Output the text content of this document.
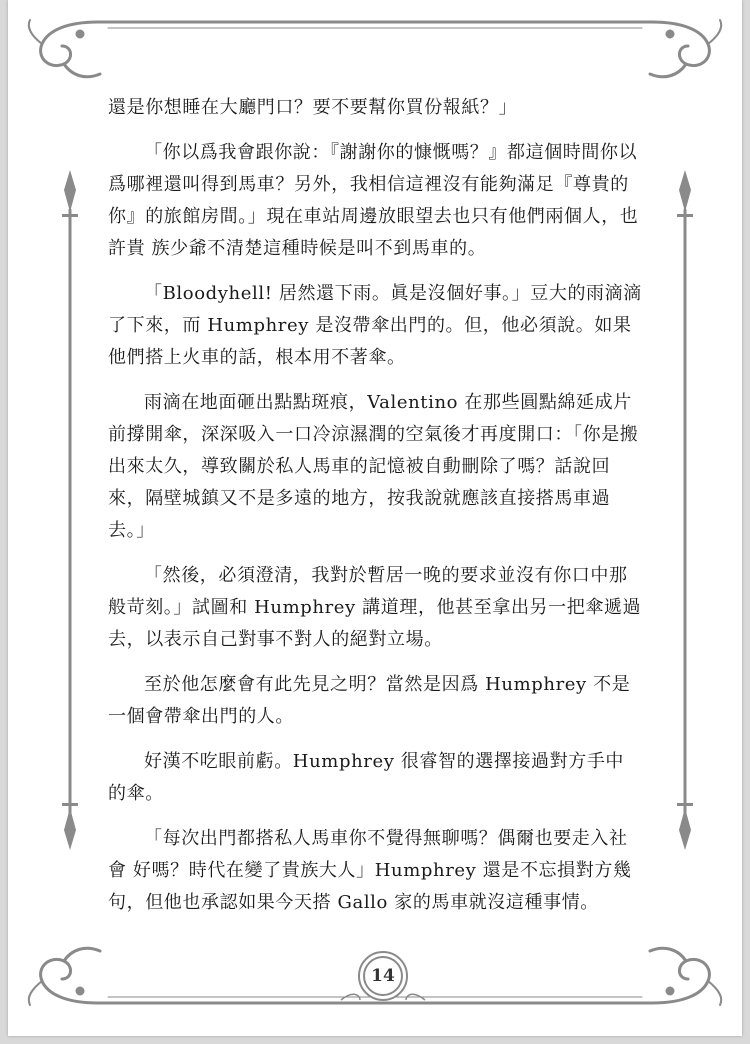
還是你想睡在大廳門口？要不要幫你買份報紙？」

「你以爲我會跟你說：『謝謝你的慷慨嗎？』都這個時間你以爲哪裡還叫得到馬車？另外，我相信這裡沒有能夠滿足『尊貴的你』的旅館房間。」現在車站周邊放眼望去也只有他們兩個人，也許貴 族少爺不清楚這種時候是叫不到馬車的。

「Bloodyhell! 居然還下雨。眞是沒個好事。」豆大的雨滴滴了下來，而 Humphrey 是沒帶傘出門的。但，他必須說。如果他們搭上火車的話，根本用不著傘。

雨滴在地面砸出點點斑痕，Valentino 在那些圓點綿延成片前撐開傘，深深吸入一口冷涼濕潤的空氣後才再度開口：「你是搬出來太久，導致關於私人馬車的記憶被自動刪除了嗎？話說回來，隔壁城鎮又不是多遠的地方，按我說就應該直接搭馬車過去。」

「然後，必須澄清，我對於暫居一晚的要求並沒有你口中那般苛刻。」試圖和 Humphrey 講道理，他甚至拿出另一把傘遞過去，以表示自己對事不對人的絕對立場。

至於他怎麼會有此先見之明？當然是因爲 Humphrey 不是一個會帶傘出門的人。

好漢不吃眼前虧。Humphrey 很睿智的選擇接過對方手中的傘。

「每次出門都搭私人馬車你不覺得無聊嗎？偶爾也要走入社會 好嗎？時代在變了貴族大人」Humphrey 還是不忘損對方幾句，但他也承認如果今天搭 Gallo 家的馬車就沒這種事情。

14
